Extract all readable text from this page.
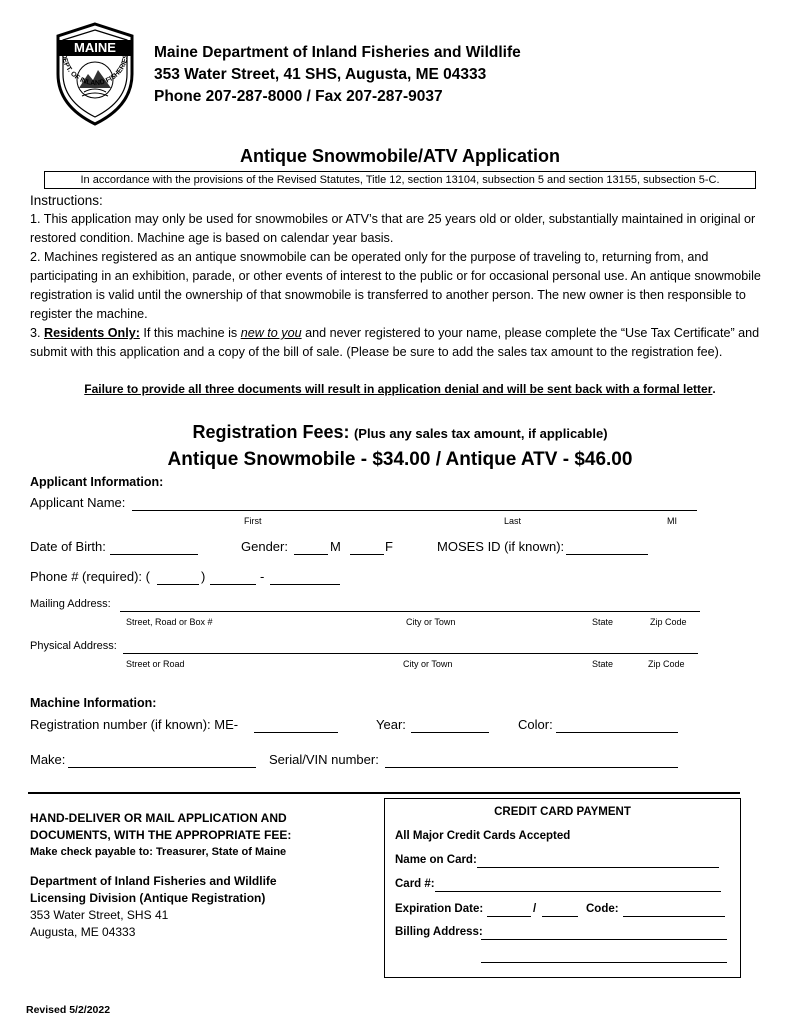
MAINE
DEPT. OF INLAND FISHERIES Maine Department of Inland Fisheries and Wildlife
353 Water Street, 41 SHS, Augusta, ME 04333
Phone 207-287-8000 / Fax 207-287-9037
Antique Snowmobile/ATV Application
In accordance with the provisions of the Revised Statutes, Title 12, section 13104, subsection 5 and section 13155, subsection 5-C.

Instructions:

1. This application may only be used for snowmobiles or ATV’s that are 25 years old or older, substantially maintained in original or restored condition. Machine age is based on calendar year basis.

2. Machines registered as an antique snowmobile can be operated only for the purpose of traveling to, returning from, and participating in an exhibition, parade, or other events of interest to the public or for occasional personal use. An antique snowmobile registration is valid until the ownership of that snowmobile is transferred to another person. The new owner is then responsible to register the machine.

3. Residents Only: If this machine is new to you and never registered to your name, please complete the “Use Tax Certificate” and submit with this application and a copy of the bill of sale. (Please be sure to add the sales tax amount to the registration fee).

Failure to provide all three documents will result in application denial and will be sent back with a formal letter.
Registration Fees: (Plus any sales tax amount, if applicable)
Antique Snowmobile - $34.00 / Antique ATV - $46.00
Applicant Information:
Applicant Name:
First	Last	MI
Date of Birth:	Gender:	M	F	MOSES ID (if known):
Phone # (required): (	)	-
Mailing Address:
Street, Road or Box #	City or Town	State	Zip Code
Physical Address:
Street or Road	City or Town	State	Zip Code
Machine Information:
Registration number (if known): ME-	Year:	Color:
Make:	Serial/VIN number:
HAND-DELIVER OR MAIL APPLICATION AND
DOCUMENTS, WITH THE APPROPRIATE FEE:
Make check payable to: Treasurer, State of Maine
Department of Inland Fisheries and Wildlife
Licensing Division (Antique Registration)
353 Water Street, SHS 41
Augusta, ME 04333
CREDIT CARD PAYMENT
All Major Credit Cards Accepted
Name on Card:
Card #:
Expiration Date:	/	Code:
Billing Address:
Revised 5/2/2022
